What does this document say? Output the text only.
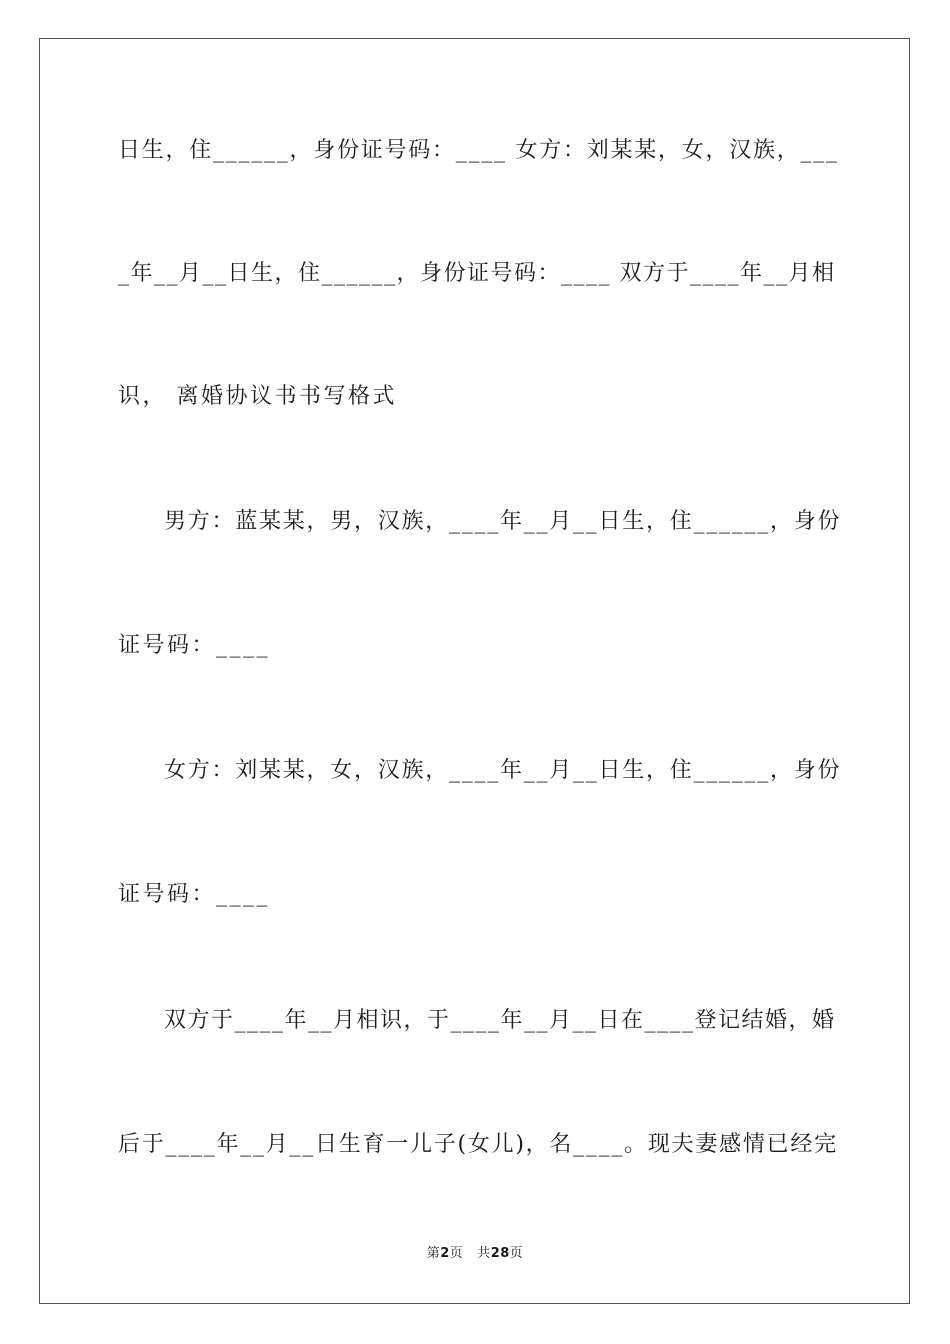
日生，住______，身份证号码：____ 女方：刘某某，女，汉族，___
_年__月__日生，住______，身份证号码：____ 双方于____年__月相
识， 离婚协议书书写格式
男方：蓝某某，男，汉族，____年__月__日生，住______，身份
证号码：____
女方：刘某某，女，汉族，____年__月__日生，住______，身份
证号码：____
双方于____年__月相识，于____年__月__日在____登记结婚，婚
后于____年__月__日生育一儿子(女儿)，名____。现夫妻感情已经完
第2页 共28页
